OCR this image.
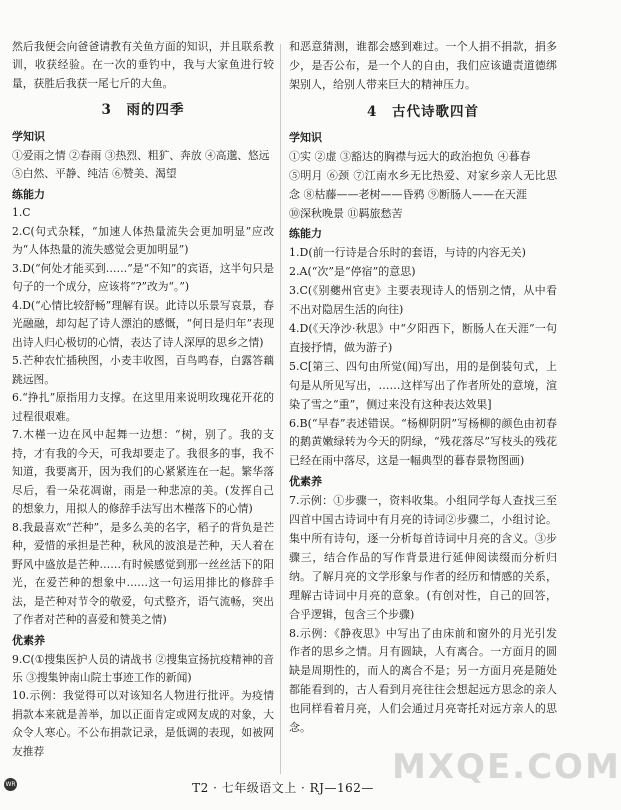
然后我便会向爸爸请教有关鱼方面的知识，并且联系教训，收获经验。在一次的垂钓中，我与大家鱼进行较量，获胜后我获一尾七斤的大鱼。

3　雨的四季
学知识

①爱雨之情 ②春雨 ③热烈、粗犷、奔放 ④高邈、悠远

⑤白然、平静、纯洁 ⑥赞美、渴望

练能力

1.C

2.C(句式杂糅，“加速人体热量流失会更加明显”应改为“人体热量的流失感觉会更加明显”)

3.D(“何处才能买到……”是“不知”的宾语，这半句只是句子的一个成分，应该将“?”改为“。”)

4.D(“心情比较舒畅”理解有误。此诗以乐景写哀景，春光融融，却勾起了诗人漂泊的感慨，“何日是归年”表现出诗人归心极切的心情，表达了诗人深厚的思乡之情)

5.芒种农忙插秧图，小麦丰收图，百鸟鸣春，白露答藕跳远图。

6.“挣扎”原指用力支撑。在这里用来说明玫瑰花开花的过程很艰难。

7.木槿一边在风中起舞一边想：“树，别了。我的支持，才有我的今天，可我却要走了。我很多的事，我不知道，我要离开，因为我们的心紧紧连在一起。繁华落尽后，看一朵花凋谢，雨是一种悲凉的美。(发挥自己的想象力，用拟人的修辞手法写出木槿落下的心情)

8.我最喜欢“芒种”，是多么美的名字，稻子的背负是芒种，爱惜的承担是芒种，秋风的波浪是芒种，天人着在野风中盛放是芒种……有时候感觉到那一丝丝活下的阳光，在爱芒种的想象中……这一句运用排比的修辞手法，是芒种对节令的敬爱，句式整齐，语气流畅，突出了作者对芒种的喜爱和赞美之情)

优素养

9.C(①搜集医护人员的请战书 ②搜集宣扬抗疫精神的音乐 ③搜集钟南山院士事迹工作的新闻)

10.示例：我觉得可以对该知名人物进行批评。为疫情捐款本来就是善举，加以正面肯定或网友成的对象，大众令人寒心。不公布捐款记录，是低调的表现，如被网友推荐

和恶意猜测，谁都会感到难过。一个人捐不捐款，捐多少，是否公布，是一个人的自由，我们应该谴责道德绑架别人，给别人带来巨大的精神压力。

4　古代诗歌四首
学知识

①实 ②虚 ③豁达的胸襟与远大的政治抱负 ④暮春

⑤明月 ⑥颈 ⑦江南水乡无比热爱、对家乡亲人无比思念 ⑧枯藤——老树——昏鸦 ⑨断肠人——在天涯

⑩深秋晚景 ⑪羁旅愁苦

练能力

1.D(前一行诗是合乐时的套语，与诗的内容无关)

2.A(“次”是“停宿”的意思)

3.C(《别夔州官吏》主要表现诗人的悟别之情，从中看不出对隐居生活的向往)

4.D(《天净沙·秋思》中“夕阳西下，断肠人在天涯”一句直接抒情，做为游子)

5.C[第三、四句由所觉(闻)写出，用的是倒装句式，上句是从所见写出，……这样写出了作者所处的意境，渲染了雪之“重”，侧过来没有这种表达效果]

6.B(“早春”表述错误。“杨柳阴阴”写杨柳的颜色由初春的鹅黄嫩绿转为今天的阴绿，“残花落尽”写枝头的残花已经在雨中落尽，这是一幅典型的暮春景物图画)

优素养

7.示例：①步骤一，资料收集。小组同学每人查找三至四首中国古诗词中有月亮的诗词②步骤二，小组讨论。集中所有诗句，逐一分析每首诗词中月亮的含义。③步骤三，结合作品的写作背景进行延伸阅读缀而分析归纳。了解月亮的文学形象与作者的经历和情感的关系，理解古诗词中月亮的意象。(有创对性，自己的回答，合乎逻辑，包含三个步骤)

8.示例：《静夜思》中写出了由床前和窗外的月光引发作者的思乡之情。月有圆缺，人有离合。一方面月的圆缺是周期性的，而人的离合不是；另一方面月亮是随处都能看到的，古人看到月亮往往会想起远方思念的亲人也同样看着月亮，人们会通过月亮寄托对远方亲人的思念。

WR	T2 · 七年级语文上 · RJ—162—
MXQE.COM
